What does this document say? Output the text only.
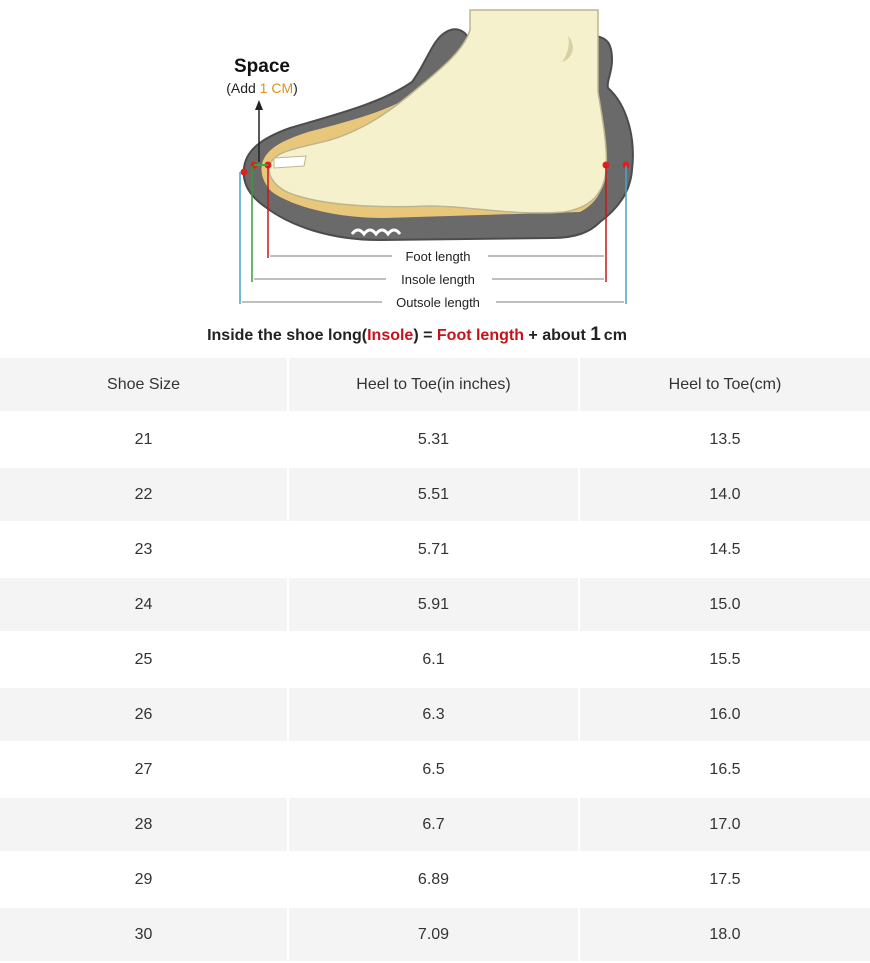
Foot length
Insole length
Outsole length
Space
(Add 1 CM)
Inside the shoe long(Insole) = Foot length + about 1 cm
Shoe Size	Heel to Toe(in inches)	Heel to Toe(cm)
21	5.31	13.5
22	5.51	14.0
23	5.71	14.5
24	5.91	15.0
25	6.1	15.5
26	6.3	16.0
27	6.5	16.5
28	6.7	17.0
29	6.89	17.5
30	7.09	18.0
